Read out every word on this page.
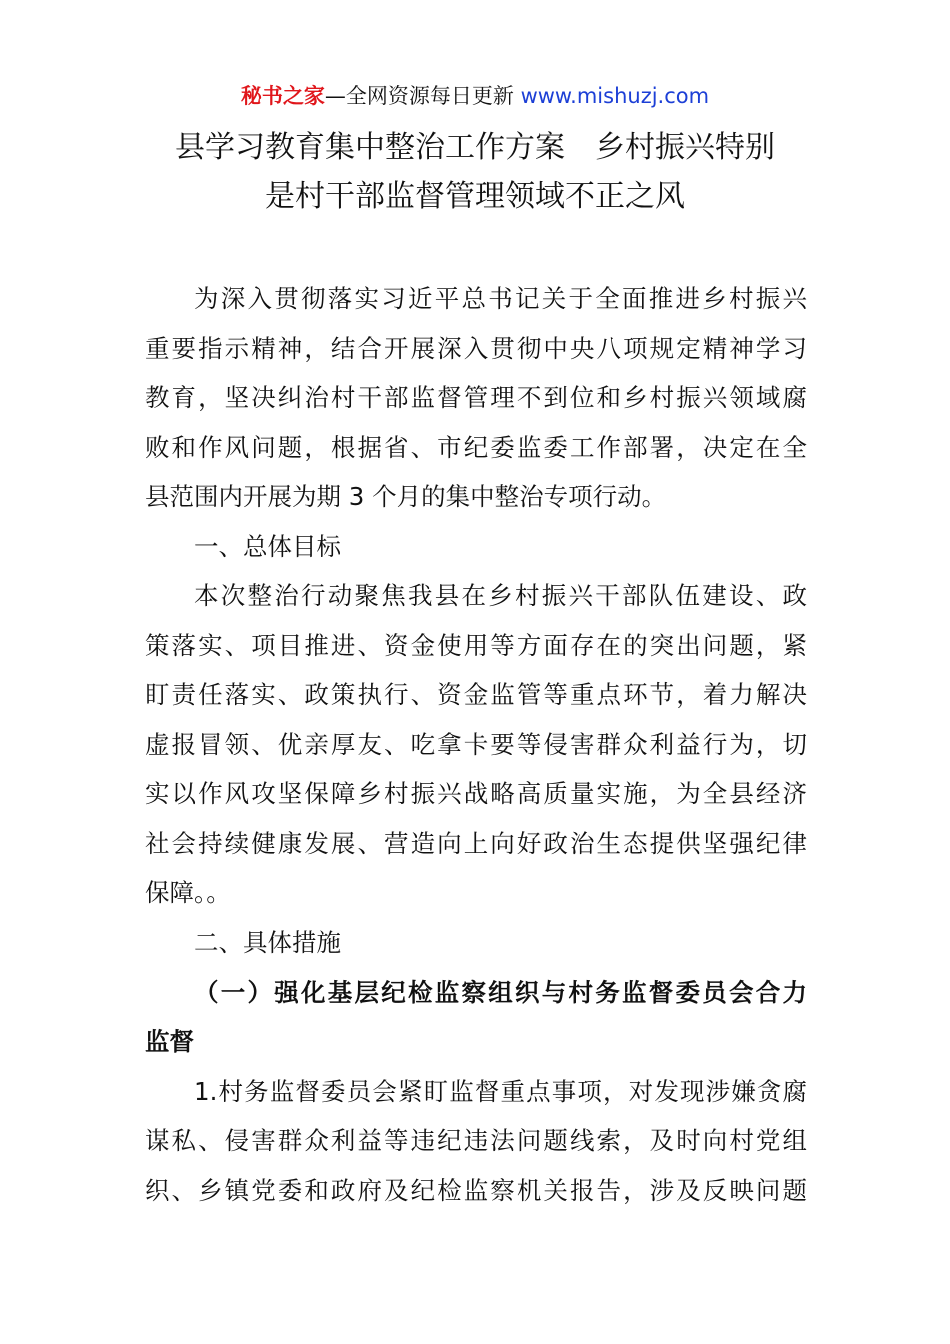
秘书之家—全网资源每日更新 www.mishuzj.com
县学习教育集中整治工作方案　乡村振兴特别
是村干部监督管理领域不正之风
为深入贯彻落实习近平总书记关于全面推进乡村振兴
重要指示精神，结合开展深入贯彻中央八项规定精神学习
教育，坚决纠治村干部监督管理不到位和乡村振兴领域腐
败和作风问题，根据省、市纪委监委工作部署，决定在全
县范围内开展为期 3 个月的集中整治专项行动。
一、总体目标
本次整治行动聚焦我县在乡村振兴干部队伍建设、政
策落实、项目推进、资金使用等方面存在的突出问题，紧
盯责任落实、政策执行、资金监管等重点环节，着力解决
虚报冒领、优亲厚友、吃拿卡要等侵害群众利益行为，切
实以作风攻坚保障乡村振兴战略高质量实施，为全县经济
社会持续健康发展、营造向上向好政治生态提供坚强纪律
保障。。
二、具体措施
（一）强化基层纪检监察组织与村务监督委员会合力
监督
1.村务监督委员会紧盯监督重点事项，对发现涉嫌贪腐
谋私、侵害群众利益等违纪违法问题线索，及时向村党组
织、乡镇党委和政府及纪检监察机关报告，涉及反映问题
